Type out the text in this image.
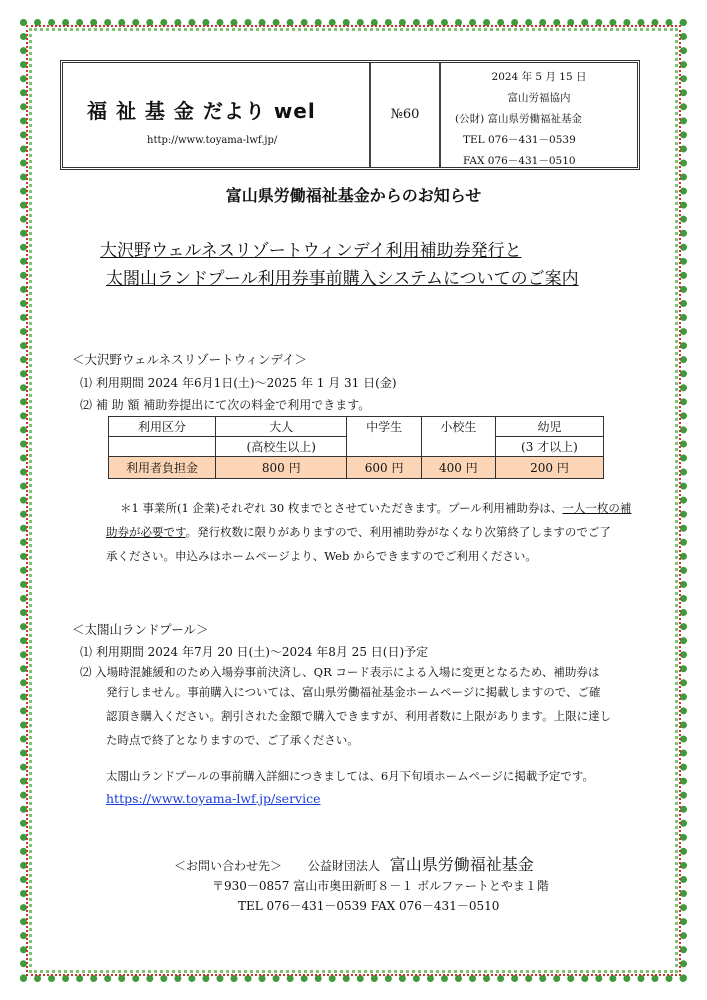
福 祉 基 金 だより wel
http://www.toyama-lwf.jp/
№60
2024 年 5 月 15 日
富山労福協内
(公財) 富山県労働福祉基金
TEL 076－431－0539
FAX 076－431－0510
富山県労働福祉基金からのお知らせ
大沢野ウェルネスリゾートウィンデイ利用補助券発行と
太閤山ランドプール利用券事前購入システムについてのご案内
＜大沢野ウェルネスリゾートウィンデイ＞
⑴ 利用期間 2024 年6月1日(土)～2025 年 1 月 31 日(金)
⑵ 補 助 額 補助券提出にて次の料金で利用できます。
利用区分	大人	中学生	小校生	幼児
	(高校生以上)			(3 才以上)
利用者負担金	800 円	600 円	400 円	200 円
＊1 事業所(1 企業)それぞれ 30 枚までとさせていただきます。プール利用補助券は、一人一枚の補
助券が必要です。発行枚数に限りがありますので、利用補助券がなくなり次第終了しますのでご了
承ください。申込みはホームページより、Web からできますのでご利用ください。
＜太閤山ランドプール＞
⑴ 利用期間 2024 年7月 20 日(土)～2024 年8月 25 日(日)予定
⑵ 入場時混雑緩和のため入場券事前決済し、QR コード表示による入場に変更となるため、補助券は
発行しません。事前購入については、富山県労働福祉基金ホームページに掲載しますので、ご確
認頂き購入ください。割引された金額で購入できますが、利用者数に上限があります。上限に達し
た時点で終了となりますので、ご了承ください。
太閤山ランドプールの事前購入詳細につきましては、6月下旬頃ホームページに掲載予定です。
https://www.toyama-lwf.jp/service
＜お問い合わせ先＞ 公益財団法人 富山県労働福祉基金
〒930－0857 富山市奥田新町８－１ ボルファートとやま１階
TEL 076－431－0539 FAX 076－431－0510
